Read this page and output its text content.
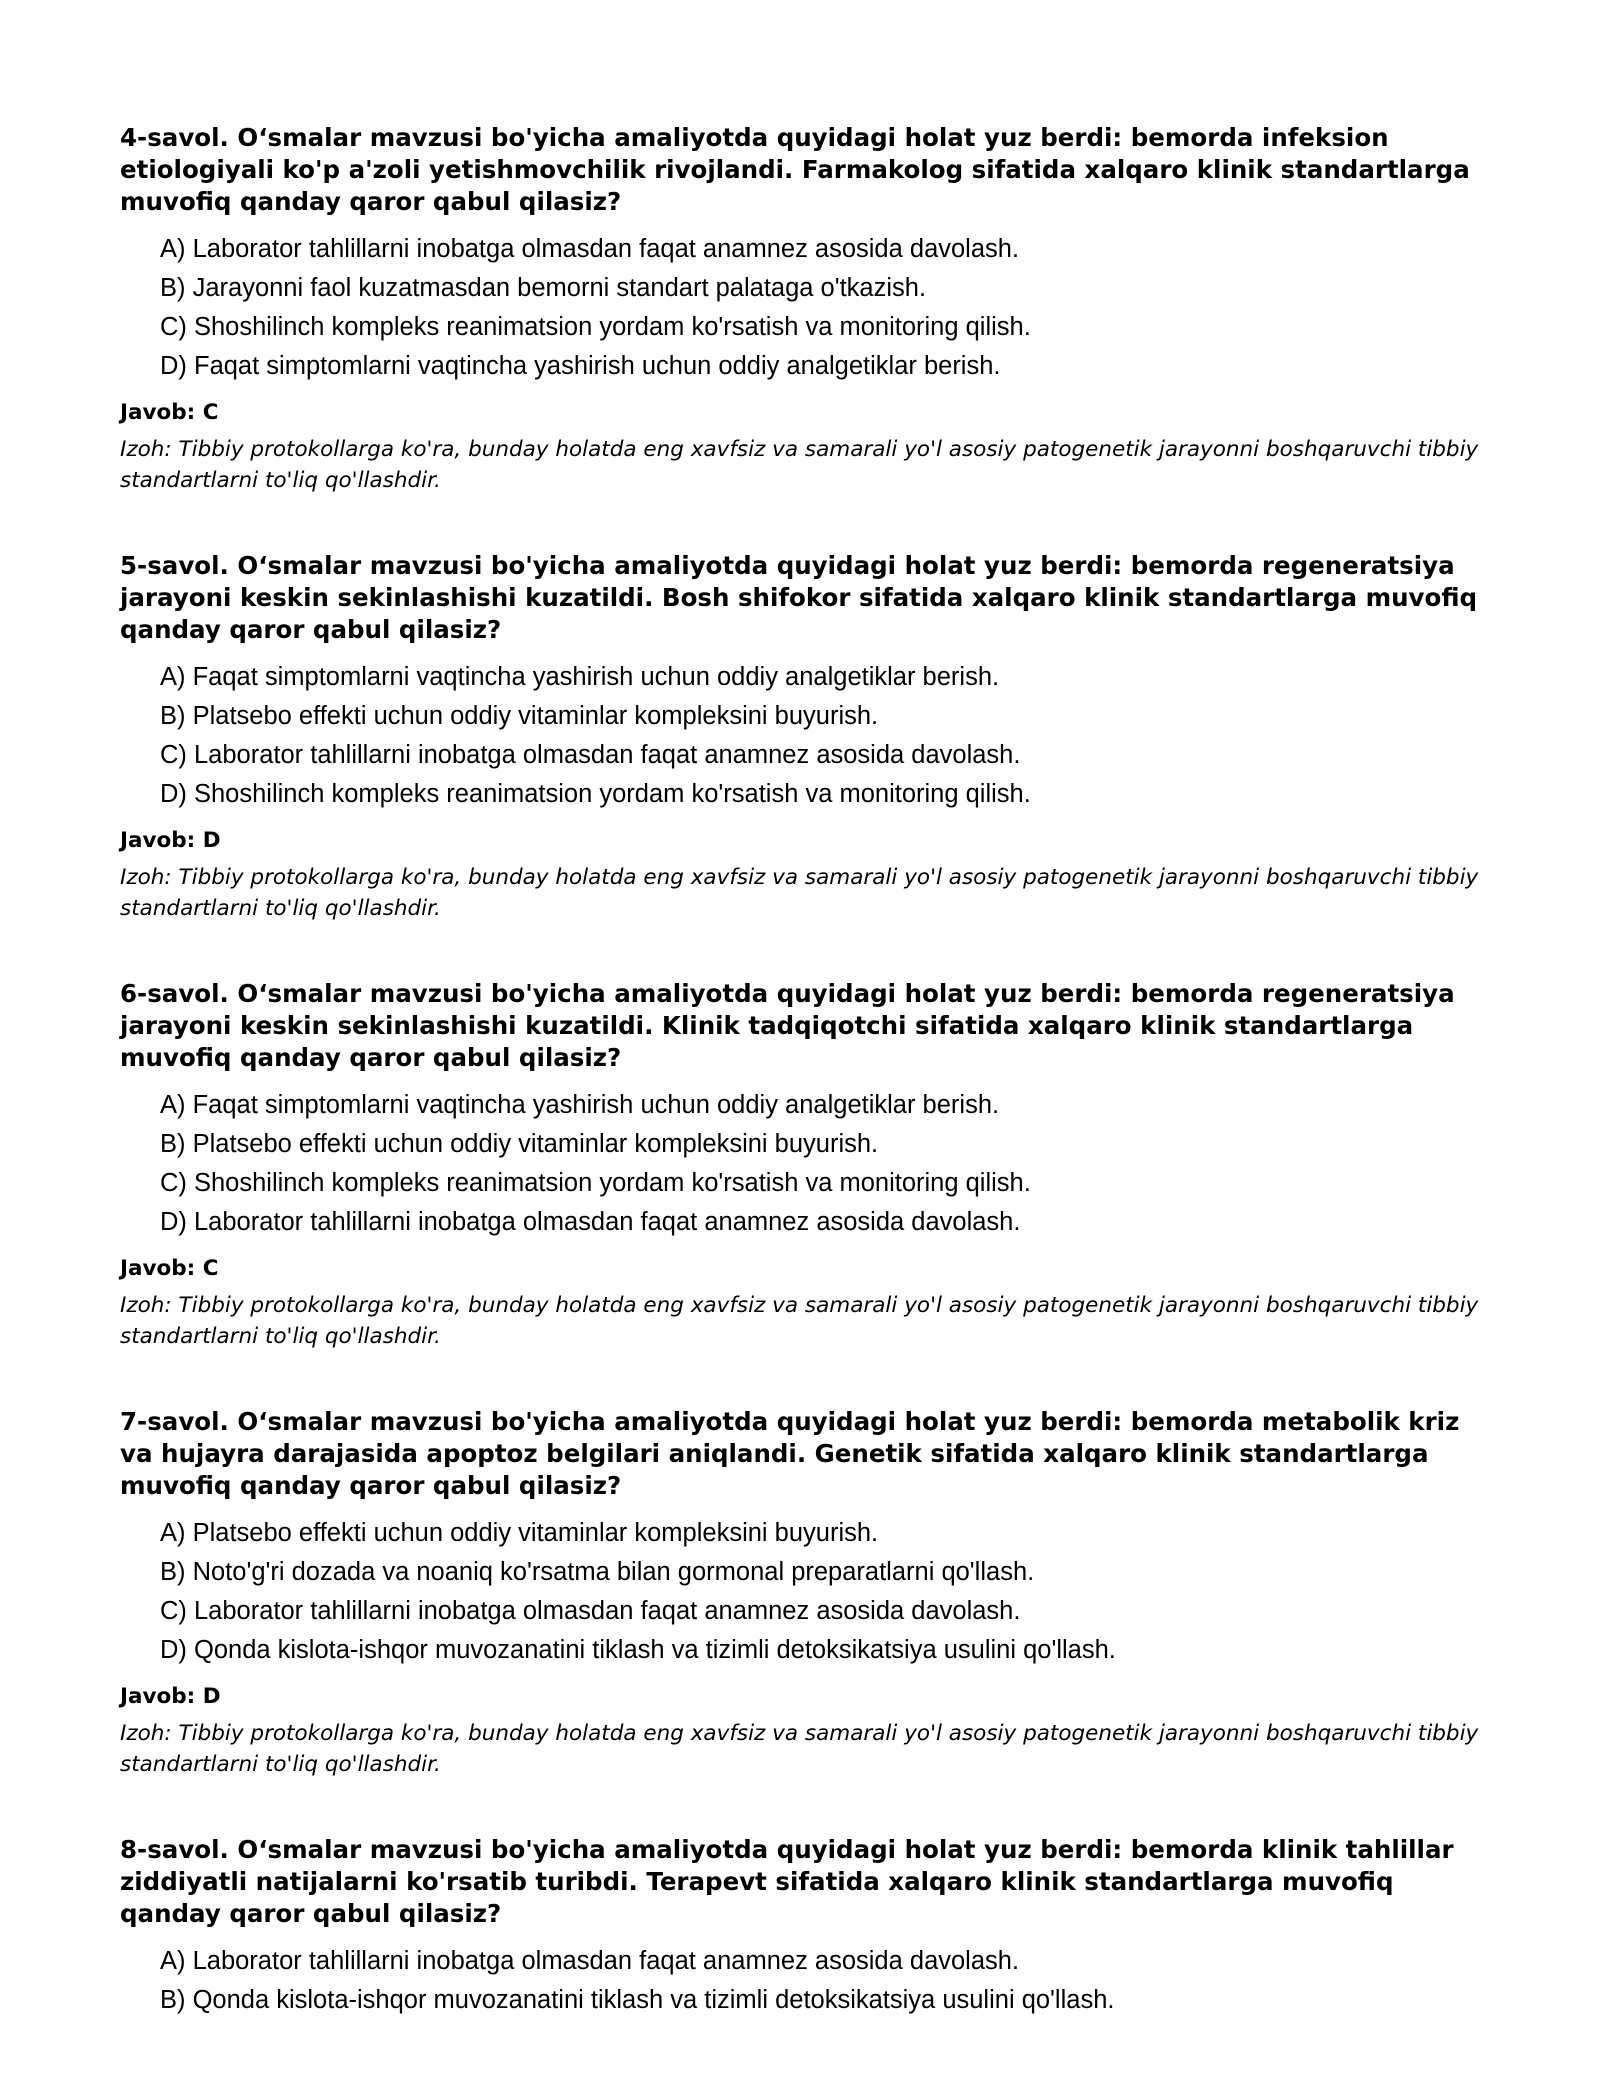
4-savol. O‘smalar mavzusi bo'yicha amaliyotda quyidagi holat yuz berdi: bemorda infeksion etiologiyali ko'p a'zoli yetishmovchilik rivojlandi. Farmakolog sifatida xalqaro klinik standartlarga muvofiq qanday qaror qabul qilasiz?
A) Laborator tahlillarni inobatga olmasdan faqat anamnez asosida davolash.
B) Jarayonni faol kuzatmasdan bemorni standart palataga o'tkazish.
C) Shoshilinch kompleks reanimatsion yordam ko'rsatish va monitoring qilish.
D) Faqat simptomlarni vaqtincha yashirish uchun oddiy analgetiklar berish.
Javob: C
Izoh: Tibbiy protokollarga ko'ra, bunday holatda eng xavfsiz va samarali yo'l asosiy patogenetik jarayonni boshqaruvchi tibbiy standartlarni to'liq qo'llashdir.
5-savol. O‘smalar mavzusi bo'yicha amaliyotda quyidagi holat yuz berdi: bemorda regeneratsiya jarayoni keskin sekinlashishi kuzatildi. Bosh shifokor sifatida xalqaro klinik standartlarga muvofiq qanday qaror qabul qilasiz?
A) Faqat simptomlarni vaqtincha yashirish uchun oddiy analgetiklar berish.
B) Platsebo effekti uchun oddiy vitaminlar kompleksini buyurish.
C) Laborator tahlillarni inobatga olmasdan faqat anamnez asosida davolash.
D) Shoshilinch kompleks reanimatsion yordam ko'rsatish va monitoring qilish.
Javob: D
Izoh: Tibbiy protokollarga ko'ra, bunday holatda eng xavfsiz va samarali yo'l asosiy patogenetik jarayonni boshqaruvchi tibbiy standartlarni to'liq qo'llashdir.
6-savol. O‘smalar mavzusi bo'yicha amaliyotda quyidagi holat yuz berdi: bemorda regeneratsiya jarayoni keskin sekinlashishi kuzatildi. Klinik tadqiqotchi sifatida xalqaro klinik standartlarga muvofiq qanday qaror qabul qilasiz?
A) Faqat simptomlarni vaqtincha yashirish uchun oddiy analgetiklar berish.
B) Platsebo effekti uchun oddiy vitaminlar kompleksini buyurish.
C) Shoshilinch kompleks reanimatsion yordam ko'rsatish va monitoring qilish.
D) Laborator tahlillarni inobatga olmasdan faqat anamnez asosida davolash.
Javob: C
Izoh: Tibbiy protokollarga ko'ra, bunday holatda eng xavfsiz va samarali yo'l asosiy patogenetik jarayonni boshqaruvchi tibbiy standartlarni to'liq qo'llashdir.
7-savol. O‘smalar mavzusi bo'yicha amaliyotda quyidagi holat yuz berdi: bemorda metabolik kriz va hujayra darajasida apoptoz belgilari aniqlandi. Genetik sifatida xalqaro klinik standartlarga muvofiq qanday qaror qabul qilasiz?
A) Platsebo effekti uchun oddiy vitaminlar kompleksini buyurish.
B) Noto'g'ri dozada va noaniq ko'rsatma bilan gormonal preparatlarni qo'llash.
C) Laborator tahlillarni inobatga olmasdan faqat anamnez asosida davolash.
D) Qonda kislota-ishqor muvozanatini tiklash va tizimli detoksikatsiya usulini qo'llash.
Javob: D
Izoh: Tibbiy protokollarga ko'ra, bunday holatda eng xavfsiz va samarali yo'l asosiy patogenetik jarayonni boshqaruvchi tibbiy standartlarni to'liq qo'llashdir.
8-savol. O‘smalar mavzusi bo'yicha amaliyotda quyidagi holat yuz berdi: bemorda klinik tahlillar ziddiyatli natijalarni ko'rsatib turibdi. Terapevt sifatida xalqaro klinik standartlarga muvofiq qanday qaror qabul qilasiz?
A) Laborator tahlillarni inobatga olmasdan faqat anamnez asosida davolash.
B) Qonda kislota-ishqor muvozanatini tiklash va tizimli detoksikatsiya usulini qo'llash.
